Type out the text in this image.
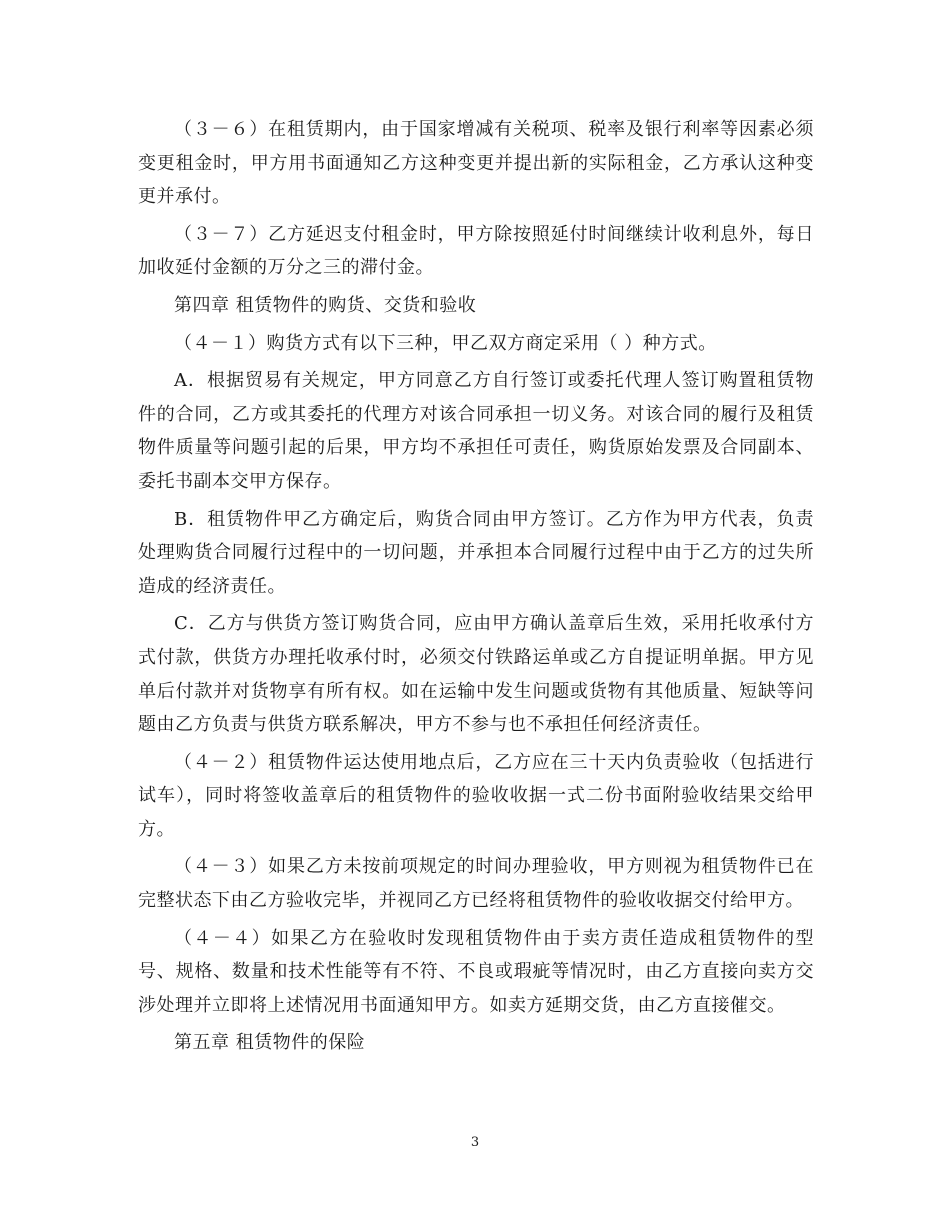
（３－６）在租赁期内，由于国家增减有关税项、税率及银行利率等因素必须变更租金时，甲方用书面通知乙方这种变更并提出新的实际租金，乙方承认这种变更并承付。

（３－７）乙方延迟支付租金时，甲方除按照延付时间继续计收利息外，每日加收延付金额的万分之三的滞付金。

第四章 租赁物件的购货、交货和验收

（４－１）购货方式有以下三种，甲乙双方商定采用（ ）种方式。

A．根据贸易有关规定，甲方同意乙方自行签订或委托代理人签订购置租赁物件的合同，乙方或其委托的代理方对该合同承担一切义务。对该合同的履行及租赁物件质量等问题引起的后果，甲方均不承担任可责任，购货原始发票及合同副本、委托书副本交甲方保存。

B．租赁物件甲乙方确定后，购货合同由甲方签订。乙方作为甲方代表，负责处理购货合同履行过程中的一切问题，并承担本合同履行过程中由于乙方的过失所造成的经济责任。

C．乙方与供货方签订购货合同，应由甲方确认盖章后生效，采用托收承付方式付款，供货方办理托收承付时，必须交付铁路运单或乙方自提证明单据。甲方见单后付款并对货物享有所有权。如在运输中发生问题或货物有其他质量、短缺等问题由乙方负责与供货方联系解决，甲方不参与也不承担任何经济责任。

（４－２）租赁物件运达使用地点后，乙方应在三十天内负责验收（包括进行试车），同时将签收盖章后的租赁物件的验收收据一式二份书面附验收结果交给甲方。

（４－３）如果乙方未按前项规定的时间办理验收，甲方则视为租赁物件已在完整状态下由乙方验收完毕，并视同乙方已经将租赁物件的验收收据交付给甲方。

（４－４）如果乙方在验收时发现租赁物件由于卖方责任造成租赁物件的型号、规格、数量和技术性能等有不符、不良或瑕疵等情况时，由乙方直接向卖方交涉处理并立即将上述情况用书面通知甲方。如卖方延期交货，由乙方直接催交。

第五章 租赁物件的保险

3
